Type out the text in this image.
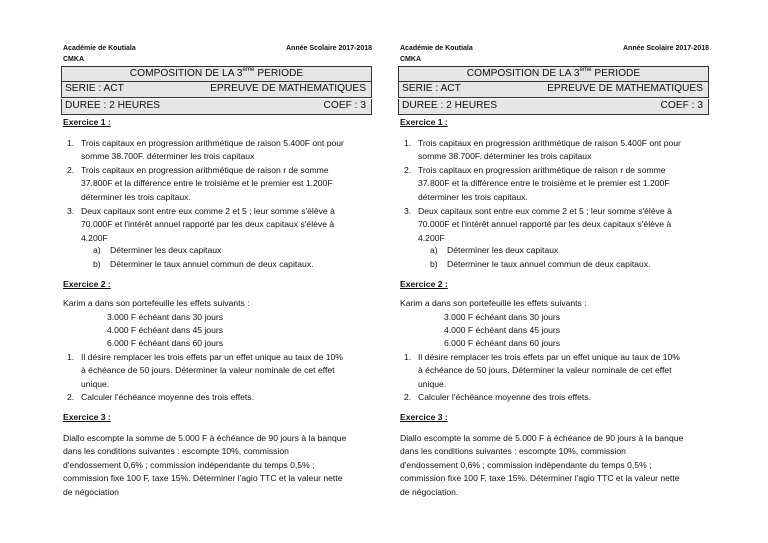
Académie de Koutiala	Année Scolaire 2017-2018
CMKA
COMPOSITION DE LA 3ème PERIODE
SERIE : ACT	EPREUVE DE MATHEMATIQUES
DUREE : 2 HEURES	COEF : 3
Exercice 1 :
1. Trois capitaux en progression arithmétique de raison 5.400F ont pour
somme 38.700F. déterminer les trois capitaux
2. Trois capitaux en progression arithmétique de raison r de somme
37.800F et la différence entre le troisième et le premier est 1.200F
déterminer les trois capitaux.
3. Deux capitaux sont entre eux comme 2 et 5 ; leur somme s'élève à
70.000F et l'intérêt annuel rapporté par les deux capitaux s'élève à
4.200F
a) Déterminer les deux capitaux
b) Déterminer le taux annuel commun de deux capitaux.
Exercice 2 :
Karim a dans son portefeuille les effets suivants :
3.000 F échéant dans 30 jours
4.000 F échéant dans 45 jours
6.000 F échéant dans 60 jours
1. Il désire remplacer les trois effets par un effet unique au taux de 10%
à échéance de 50 jours. Déterminer la valeur nominale de cet effet
unique.
2. Calculer l'échéance moyenne des trois effets.
Exercice 3 :
Diallo escompte la somme de 5.000 F à échéance de 90 jours à la banque
dans les conditions suivantes : escompte 10%, commission
d'endossement 0,6% ; commission indépendante du temps 0,5% ;
commission fixe 100 F, taxe 15%. Déterminer l'agio TTC et la valeur nette
de négociation
Académie de Koutiala	Année Scolaire 2017-2018
CMKA
COMPOSITION DE LA 3ème PERIODE
SERIE : ACT	EPREUVE DE MATHEMATIQUES
DUREE : 2 HEURES	COEF : 3
Exercice 1 :
1. Trois capitaux en progression arithmétique de raison 5.400F ont pour
somme 38.700F. déterminer les trois capitaux
2. Trois capitaux en progression arithmétique de raison r de somme
37.800F et la différence entre le troisième et le premier est 1.200F
déterminer les trois capitaux.
3. Deux capitaux sont entre eux comme 2 et 5 ; leur somme s'élève à
70.000F et l'intérêt annuel rapporté par les deux capitaux s'élève à
4.200F
a) Déterminer les deux capitaux
b) Déterminer le taux annuel commun de deux capitaux.
Exercice 2 :
Karim a dans son portefeuille les effets suivants :
3.000 F échéant dans 30 jours
4.000 F échéant dans 45 jours
6.000 F échéant dans 60 jours
1. Il désire remplacer les trois effets par un effet unique au taux de 10%
à échéance de 50 jours. Déterminer la valeur nominale de cet effet
unique.
2. Calculer l'échéance moyenne des trois effets.
Exercice 3 :
Diallo escompte la somme de 5.000 F à échéance de 90 jours à la banque
dans les conditions suivantes : escompte 10%, commission
d'endossement 0,6% ; commission indépendante du temps 0,5% ;
commission fixe 100 F, taxe 15%. Déterminer l'agio TTC et la valeur nette
de négociation.
